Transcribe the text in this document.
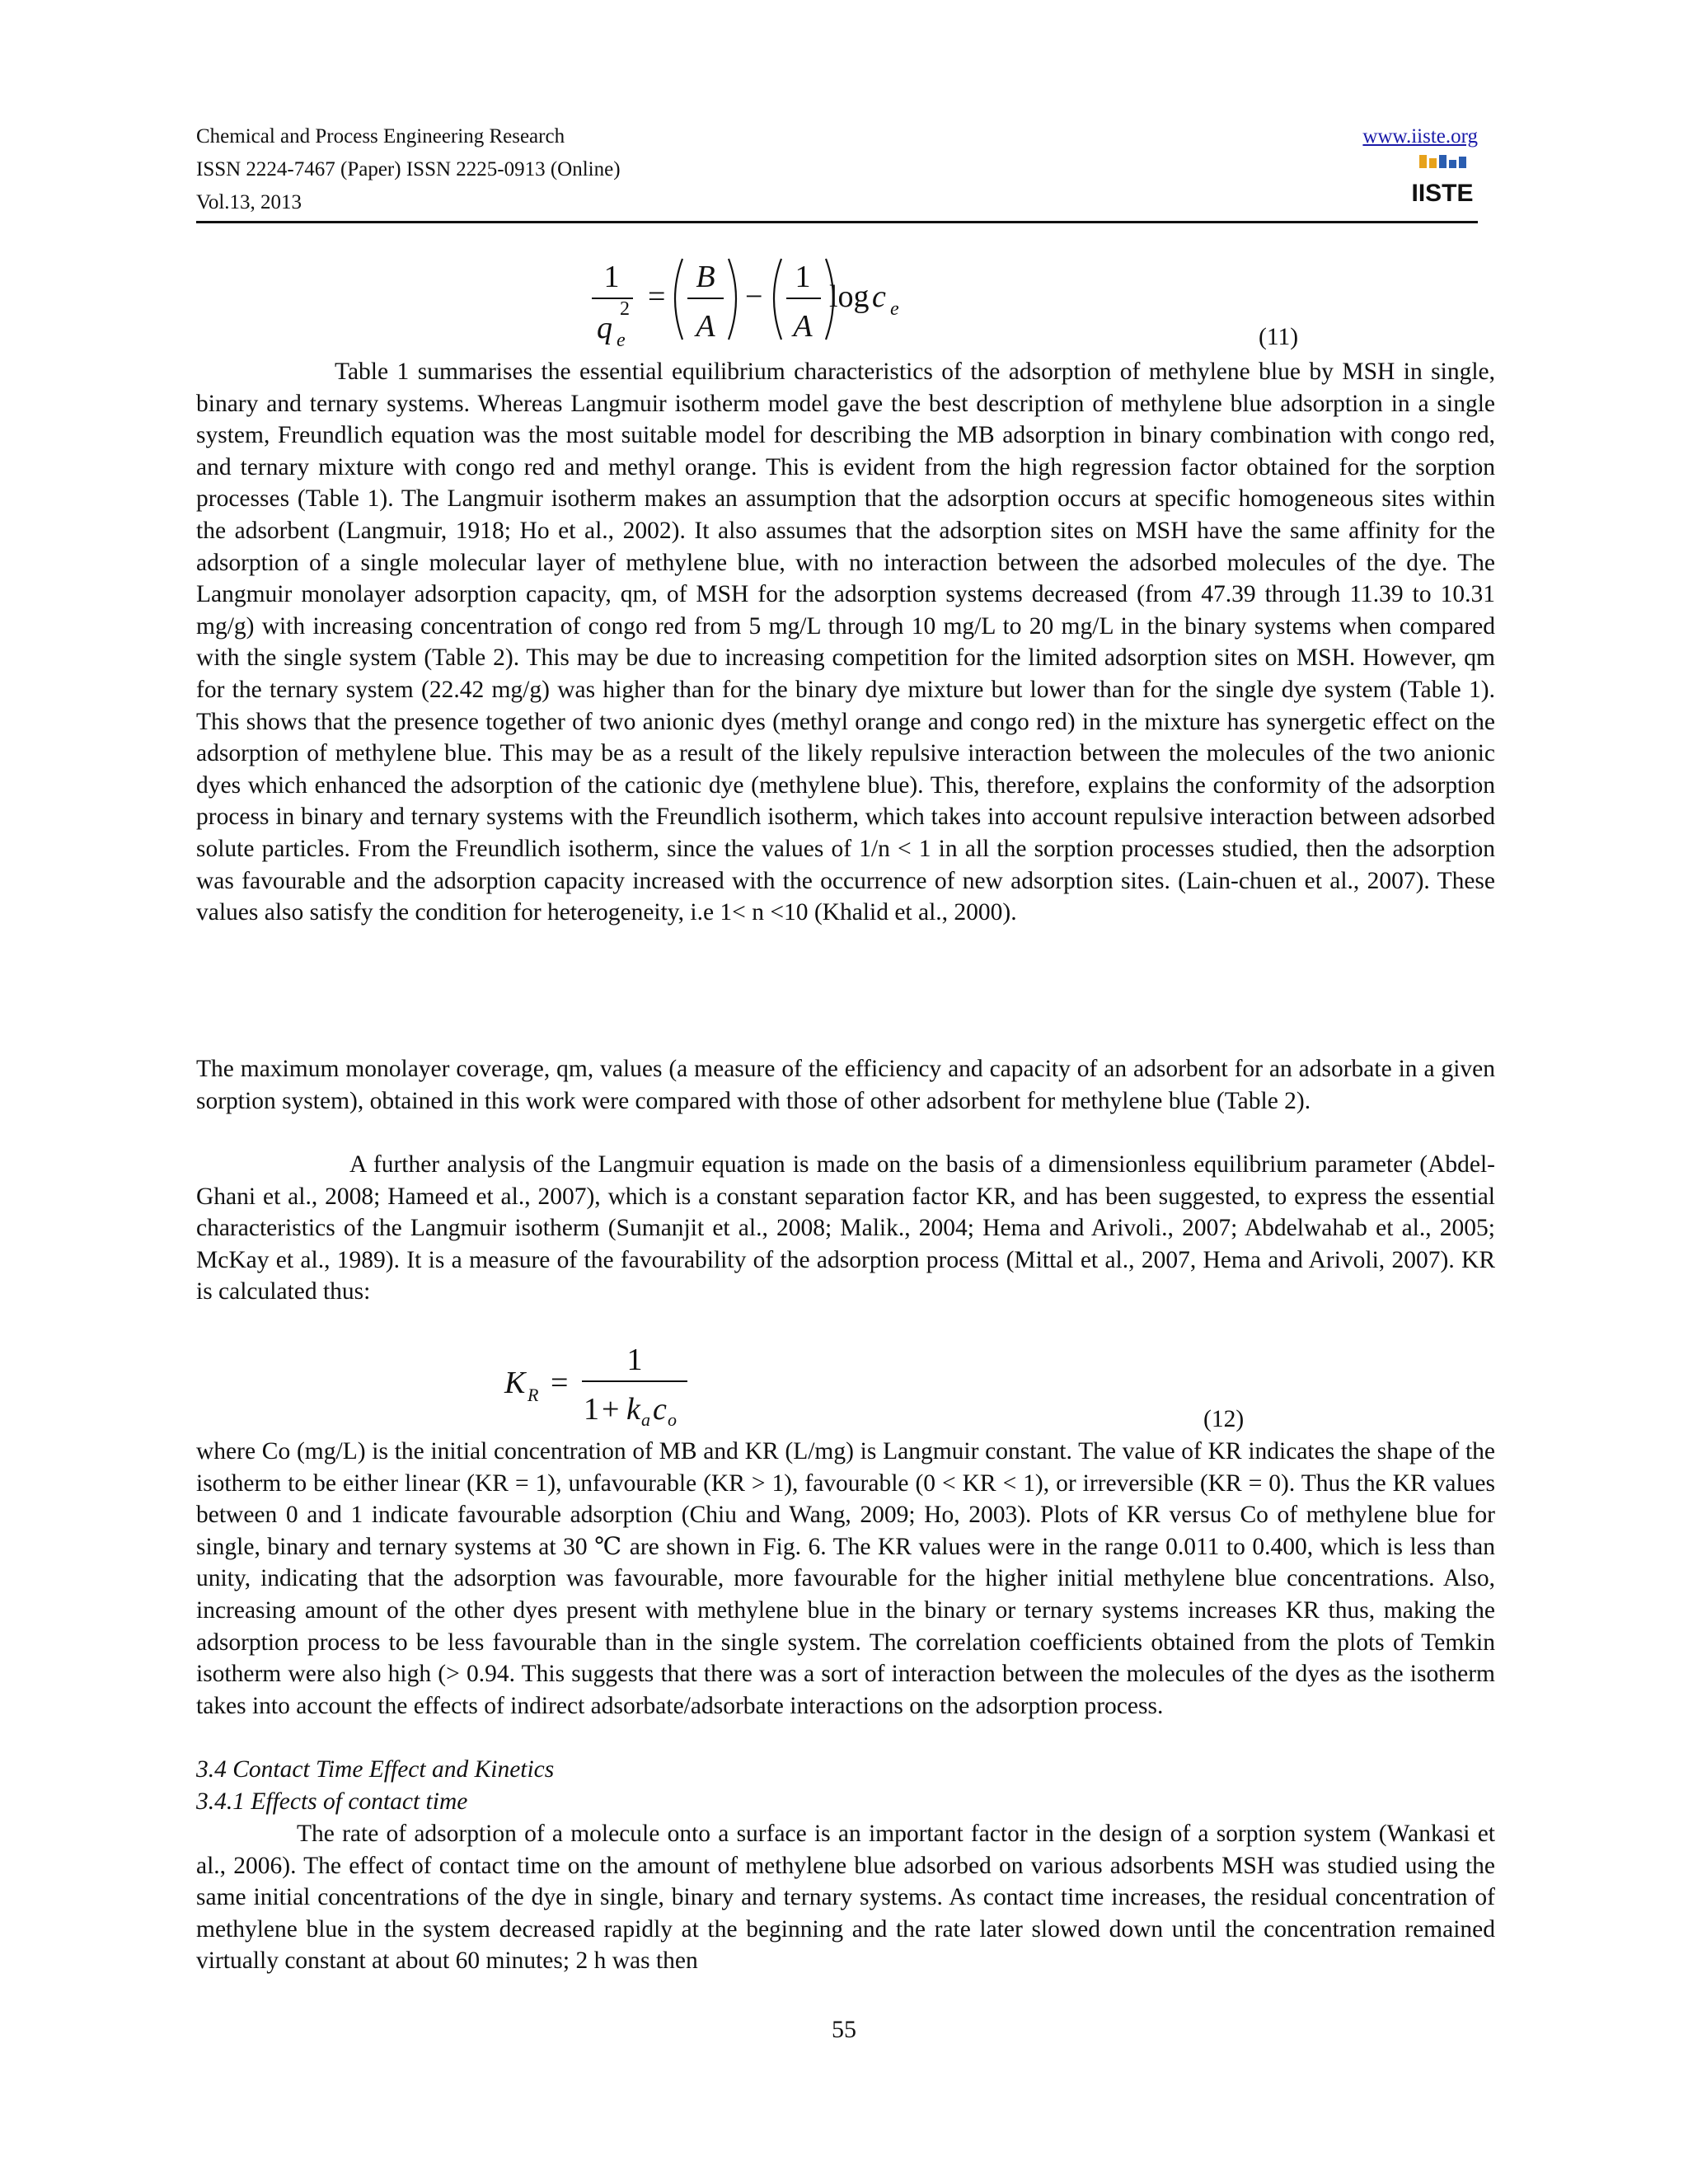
Chemical and Process Engineering Research	www.iiste.org
ISSN 2224-7467 (Paper) ISSN 2225-0913 (Online)
Vol.13, 2013	IISTE
1
q
2
e
=
B
A
−
1
A
log c e
(11)

Table 1 summarises the essential equilibrium characteristics of the adsorption of methylene blue by MSH in single, binary and ternary systems. Whereas Langmuir isotherm model gave the best description of methylene blue adsorption in a single system, Freundlich equation was the most suitable model for describing the MB adsorption in binary combination with congo red, and ternary mixture with congo red and methyl orange. This is evident from the high regression factor obtained for the sorption processes (Table 1). The Langmuir isotherm makes an assumption that the adsorption occurs at specific homogeneous sites within the adsorbent (Langmuir, 1918; Ho et al., 2002). It also assumes that the adsorption sites on MSH have the same affinity for the adsorption of a single molecular layer of methylene blue, with no interaction between the adsorbed molecules of the dye. The Langmuir monolayer adsorption capacity, qm, of MSH for the adsorption systems decreased (from 47.39 through 11.39 to 10.31 mg/g) with increasing concentration of congo red from 5 mg/L through 10 mg/L to 20 mg/L in the binary systems when compared with the single system (Table 2). This may be due to increasing competition for the limited adsorption sites on MSH. However, qm for the ternary system (22.42 mg/g) was higher than for the binary dye mixture but lower than for the single dye system (Table 1). This shows that the presence together of two anionic dyes (methyl orange and congo red) in the mixture has synergetic effect on the adsorption of methylene blue. This may be as a result of the likely repulsive interaction between the molecules of the two anionic dyes which enhanced the adsorption of the cationic dye (methylene blue). This, therefore, explains the conformity of the adsorption process in binary and ternary systems with the Freundlich isotherm, which takes into account repulsive interaction between adsorbed solute particles. From the Freundlich isotherm, since the values of 1/n < 1 in all the sorption processes studied, then the adsorption was favourable and the adsorption capacity increased with the occurrence of new adsorption sites. (Lain-chuen et al., 2007). These values also satisfy the condition for heterogeneity, i.e 1< n <10 (Khalid et al., 2000).

The maximum monolayer coverage, qm, values (a measure of the efficiency and capacity of an adsorbent for an adsorbate in a given sorption system), obtained in this work were compared with those of other adsorbent for methylene blue (Table 2).

A further analysis of the Langmuir equation is made on the basis of a dimensionless equilibrium parameter (Abdel-Ghani et al., 2008; Hameed et al., 2007), which is a constant separation factor KR, and has been suggested, to express the essential characteristics of the Langmuir isotherm (Sumanjit et al., 2008; Malik., 2004; Hema and Arivoli., 2007; Abdelwahab et al., 2005; McKay et al., 1989). It is a measure of the favourability of the adsorption process (Mittal et al., 2007, Hema and Arivoli, 2007). KR is calculated thus:

K R =
1
1 + k a c o	(12)

where Co (mg/L) is the initial concentration of MB and KR (L/mg) is Langmuir constant. The value of KR indicates the shape of the isotherm to be either linear (KR = 1), unfavourable (KR > 1), favourable (0 < KR < 1), or irreversible (KR = 0). Thus the KR values between 0 and 1 indicate favourable adsorption (Chiu and Wang, 2009; Ho, 2003). Plots of KR versus Co of methylene blue for single, binary and ternary systems at 30 ℃ are shown in Fig. 6. The KR values were in the range 0.011 to 0.400, which is less than unity, indicating that the adsorption was favourable, more favourable for the higher initial methylene blue concentrations. Also, increasing amount of the other dyes present with methylene blue in the binary or ternary systems increases KR thus, making the adsorption process to be less favourable than in the single system. The correlation coefficients obtained from the plots of Temkin isotherm were also high (> 0.94. This suggests that there was a sort of interaction between the molecules of the dyes as the isotherm takes into account the effects of indirect adsorbate/adsorbate interactions on the adsorption process.

3.4 Contact Time Effect and Kinetics
3.4.1 Effects of contact time

The rate of adsorption of a molecule onto a surface is an important factor in the design of a sorption system (Wankasi et al., 2006). The effect of contact time on the amount of methylene blue adsorbed on various adsorbents MSH was studied using the same initial concentrations of the dye in single, binary and ternary systems. As contact time increases, the residual concentration of methylene blue in the system decreased rapidly at the beginning and the rate later slowed down until the concentration remained virtually constant at about 60 minutes; 2 h was then

55
